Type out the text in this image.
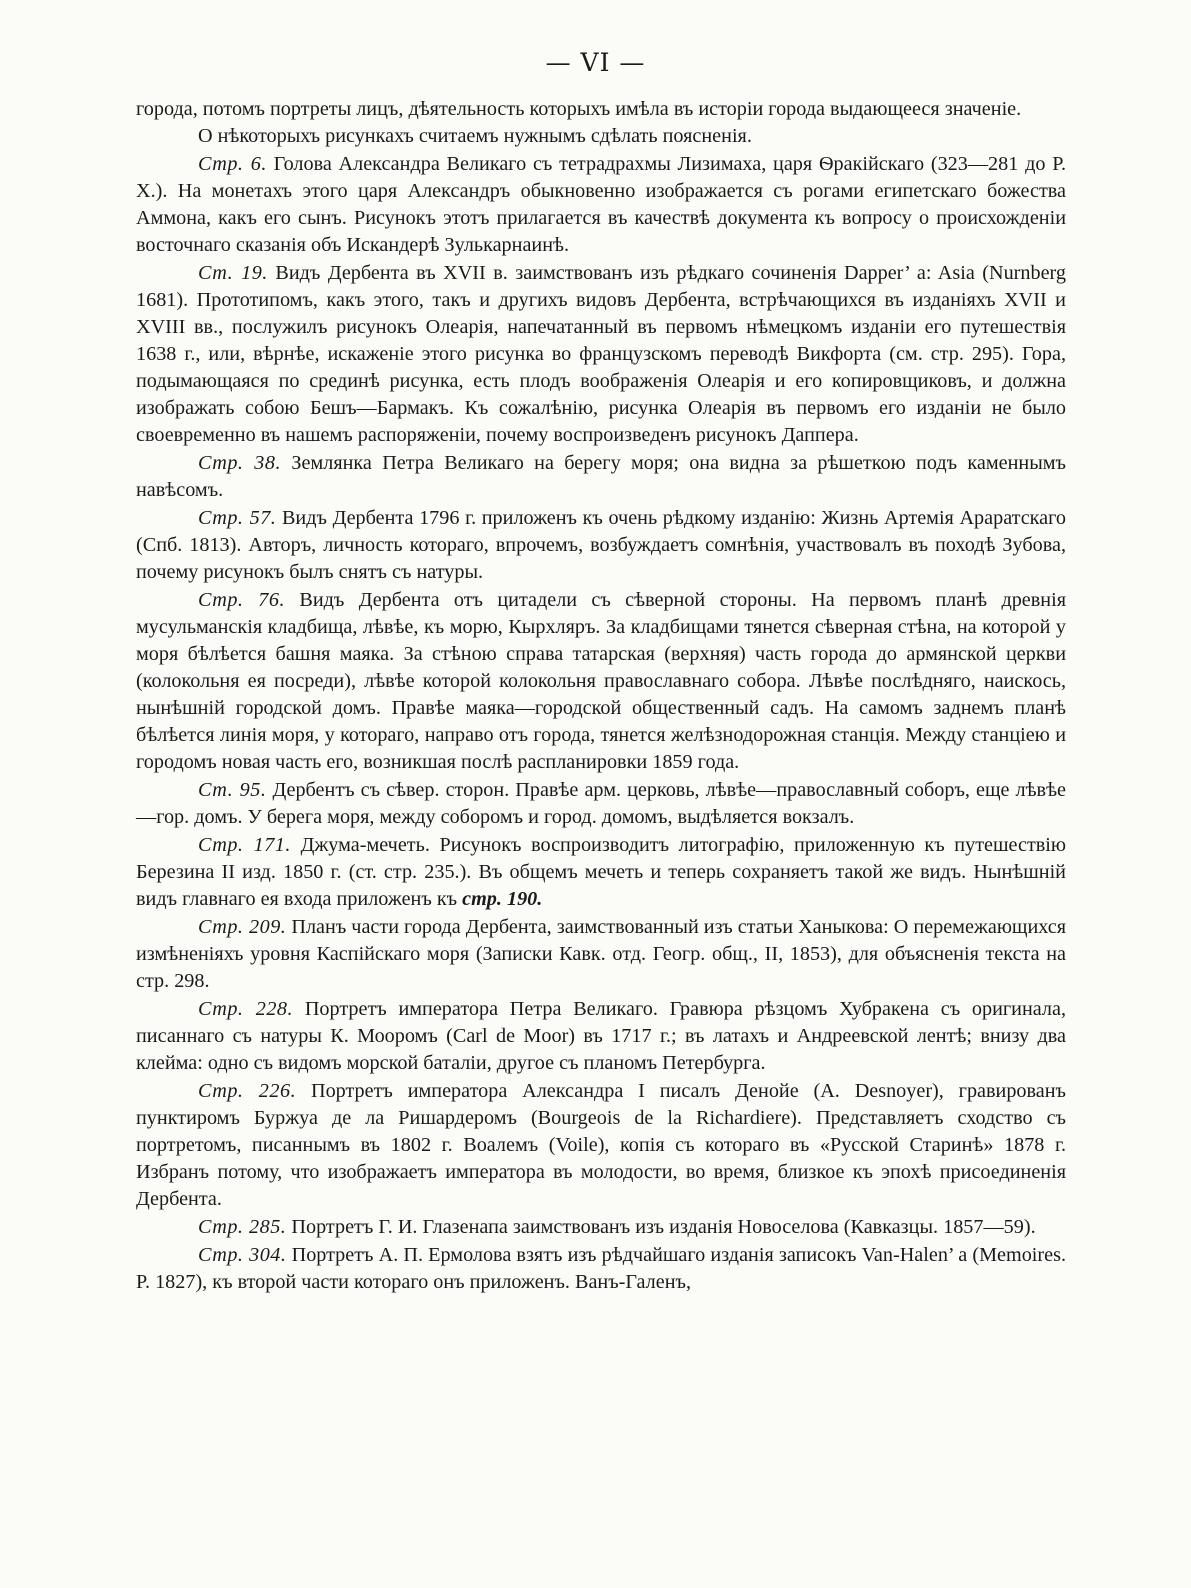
— VI —

города, потомъ портреты лицъ, дѣятельность которыхъ имѣла въ исторіи города выдающееся значеніе.

О нѣкоторыхъ рисункахъ считаемъ нужнымъ сдѣлать поясненія.

Стр. 6. Голова Александра Великаго съ тетрадрахмы Лизимаха, царя Ѳракійскаго (323—281 до Р. Х.). На монетахъ этого царя Александръ обыкновенно изображается съ рогами египетскаго божества Аммона, какъ его сынъ. Рисунокъ этотъ прилагается въ качествѣ документа къ вопросу о происхожденіи восточнаго сказанія объ Искандерѣ Зулькарнаинѣ.

Ст. 19. Видъ Дербента въ XVII в. заимствованъ изъ рѣдкаго сочиненія Dapper’ a: Asia (Nurnberg 1681). Прототипомъ, какъ этого, такъ и другихъ видовъ Дербента, встрѣчающихся въ изданіяхъ XVII и XVIII вв., послужилъ рисунокъ Олеарія, напечатанный въ первомъ нѣмецкомъ изданіи его путешествія 1638 г., или, вѣрнѣе, искаженіе этого рисунка во французскомъ переводѣ Викфорта (см. стр. 295). Гора, подымающаяся по срединѣ рисунка, есть плодъ воображенія Олеарія и его копировщиковъ, и должна изображать собою Бешъ—Бармакъ. Къ сожалѣнію, рисунка Олеарія въ первомъ его изданіи не было своевременно въ нашемъ распоряженіи, почему воспроизведенъ рисунокъ Даппера.

Стр. 38. Землянка Петра Великаго на берегу моря; она видна за рѣшеткою подъ каменнымъ навѣсомъ.

Стр. 57. Видъ Дербента 1796 г. приложенъ къ очень рѣдкому изданію: Жизнь Артемія Араратскаго (Спб. 1813). Авторъ, личность котораго, впрочемъ, возбуждаетъ сомнѣнія, участвовалъ въ походѣ Зубова, почему рисунокъ былъ снятъ съ натуры.

Стр. 76. Видъ Дербента отъ цитадели съ сѣверной стороны. На первомъ планѣ древнія мусульманскія кладбища, лѣвѣе, къ морю, Кырхляръ. За кладбищами тянется сѣверная стѣна, на которой у моря бѣлѣется башня маяка. За стѣною справа татарская (верхняя) часть города до армянской церкви (колокольня ея посреди), лѣвѣе которой колокольня православнаго собора. Лѣвѣе послѣдняго, наискось, нынѣшній городской домъ. Правѣе маяка—городской общественный садъ. На самомъ заднемъ планѣ бѣлѣется линія моря, у котораго, направо отъ города, тянется желѣзнодорожная станція. Между станціею и городомъ новая часть его, возникшая послѣ распланировки 1859 года.

Ст. 95. Дербентъ съ сѣвер. сторон. Правѣе арм. церковь, лѣвѣе—православный соборъ, еще лѣвѣе—гор. домъ. У берега моря, между соборомъ и город. домомъ, выдѣляется вокзалъ.

Стр. 171. Джума-мечеть. Рисунокъ воспроизводитъ литографію, приложенную къ путешествію Березина II изд. 1850 г. (ст. стр. 235.). Въ общемъ мечеть и теперь сохраняетъ такой же видъ. Нынѣшній видъ главнаго ея входа приложенъ къ стр. 190.

Стр. 209. Планъ части города Дербента, заимствованный изъ статьи Ханыкова: О перемежающихся измѣненіяхъ уровня Каспійскаго моря (Записки Кавк. отд. Геогр. общ., II, 1853), для объясненія текста на стр. 298.

Стр. 228. Портретъ императора Петра Великаго. Гравюра рѣзцомъ Хубракена съ оригинала, писаннаго съ натуры К. Мооромъ (Carl de Moor) въ 1717 г.; въ латахъ и Андреевской лентѣ; внизу два клейма: одно съ видомъ морской баталіи, другое съ планомъ Петербурга.

Стр. 226. Портретъ императора Александра I писалъ Денойе (A. Desnoyer), гравированъ пунктиромъ Буржуа де ла Ришардеромъ (Bourgeois de la Richardiere). Представляетъ сходство съ портретомъ, писаннымъ въ 1802 г. Воалемъ (Voile), копія съ котораго въ «Русской Старинѣ» 1878 г. Избранъ потому, что изображаетъ императора въ молодости, во время, близкое къ эпохѣ присоединенія Дербента.

Стр. 285. Портретъ Г. И. Глазенапа заимствованъ изъ изданія Новоселова (Кавказцы. 1857—59).

Стр. 304. Портретъ А. П. Ермолова взятъ изъ рѣдчайшаго изданія записокъ Van-Halen’ a (Memoires. P. 1827), къ второй части котораго онъ приложенъ. Ванъ-Галенъ,
